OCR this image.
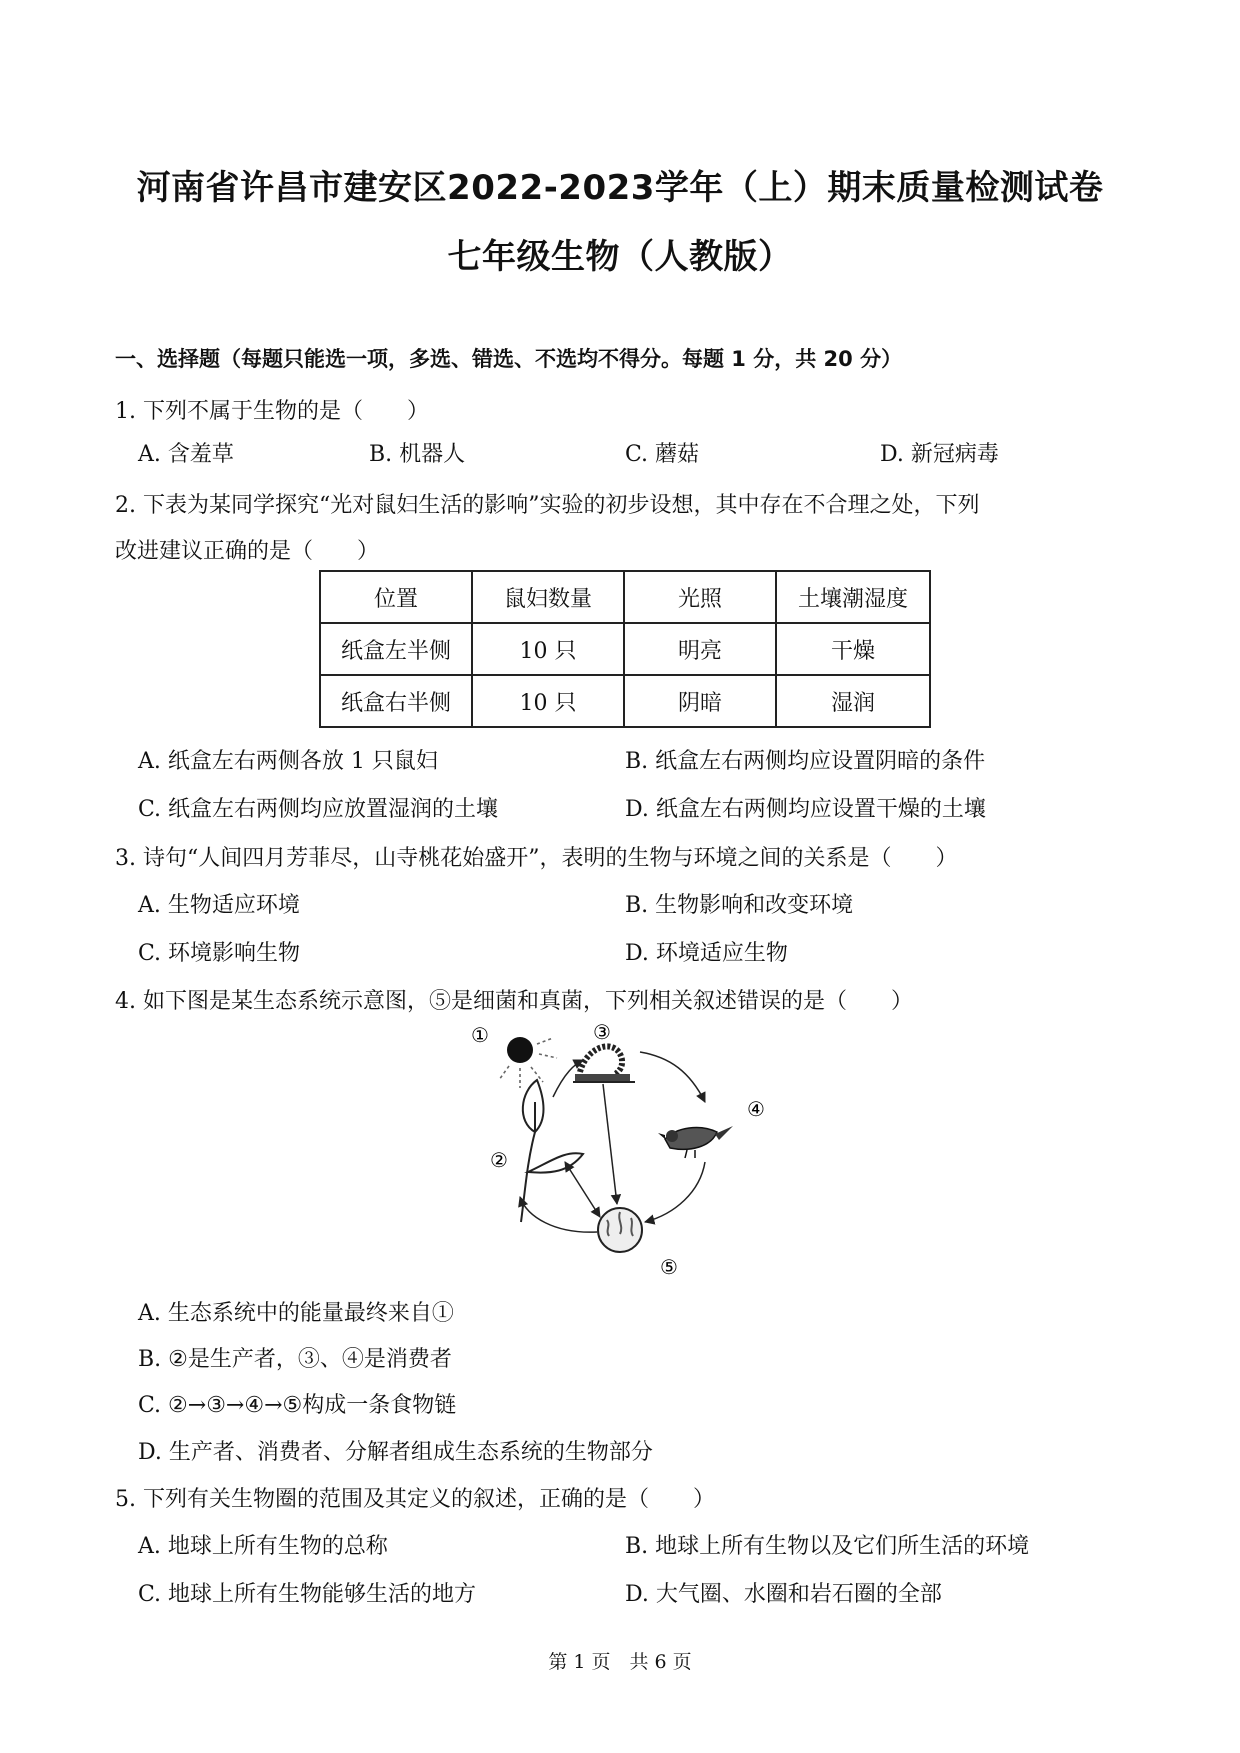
河南省许昌市建安区2022-2023学年（上）期末质量检测试卷
七年级生物（人教版）

一、选择题（每题只能选一项，多选、错选、不选均不得分。每题 1 分，共 20 分）

1. 下列不属于生物的是（　　）

A. 含羞草	B. 机器人	C. 蘑菇	D. 新冠病毒

2. 下表为某同学探究“光对鼠妇生活的影响”实验的初步设想，其中存在不合理之处，下列

改进建议正确的是（　　）

位置	鼠妇数量	光照	土壤潮湿度
纸盒左半侧	10 只	明亮	干燥
纸盒右半侧	10 只	阴暗	湿润
A. 纸盒左右两侧各放 1 只鼠妇	B. 纸盒左右两侧均应设置阴暗的条件
C. 纸盒左右两侧均应放置湿润的土壤	D. 纸盒左右两侧均应设置干燥的土壤

3. 诗句“人间四月芳菲尽，山寺桃花始盛开”，表明的生物与环境之间的关系是（　　）

A. 生物适应环境	B. 生物影响和改变环境
C. 环境影响生物	D. 环境适应生物

4. 如下图是某生态系统示意图，⑤是细菌和真菌，下列相关叙述错误的是（　　）

①
②
③
④
⑤

A. 生态系统中的能量最终来自①

B. ②是生产者，③、④是消费者

C. ②→③→④→⑤构成一条食物链

D. 生产者、消费者、分解者组成生态系统的生物部分

5. 下列有关生物圈的范围及其定义的叙述，正确的是（　　）

A. 地球上所有生物的总称	B. 地球上所有生物以及它们所生活的环境
C. 地球上所有生物能够生活的地方	D. 大气圈、水圈和岩石圈的全部

第 1 页　共 6 页
